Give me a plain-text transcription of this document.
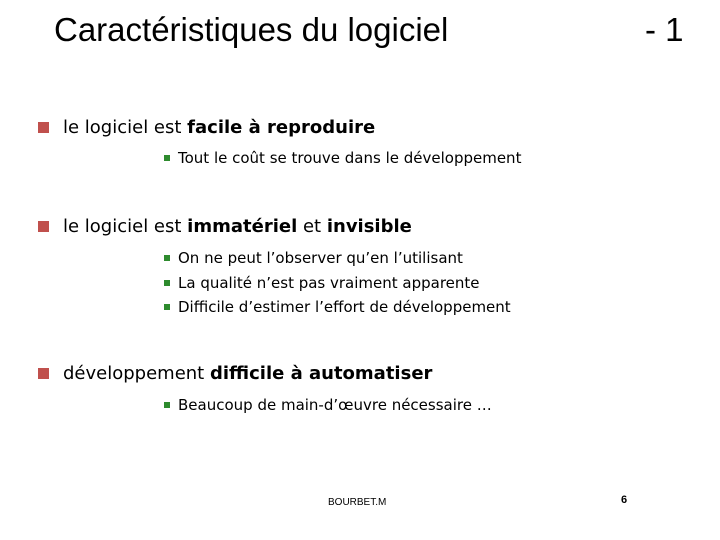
Caractéristiques du logiciel	- 1
le logiciel est facile à reproduire
Tout le coût se trouve dans le développement
le logiciel est immatériel et invisible
On ne peut l’observer qu’en l’utilisant
La qualité n’est pas vraiment apparente
Difficile d’estimer l’effort de développement
développement difficile à automatiser
Beaucoup de main-d’œuvre nécessaire …
BOURBET.M	6
